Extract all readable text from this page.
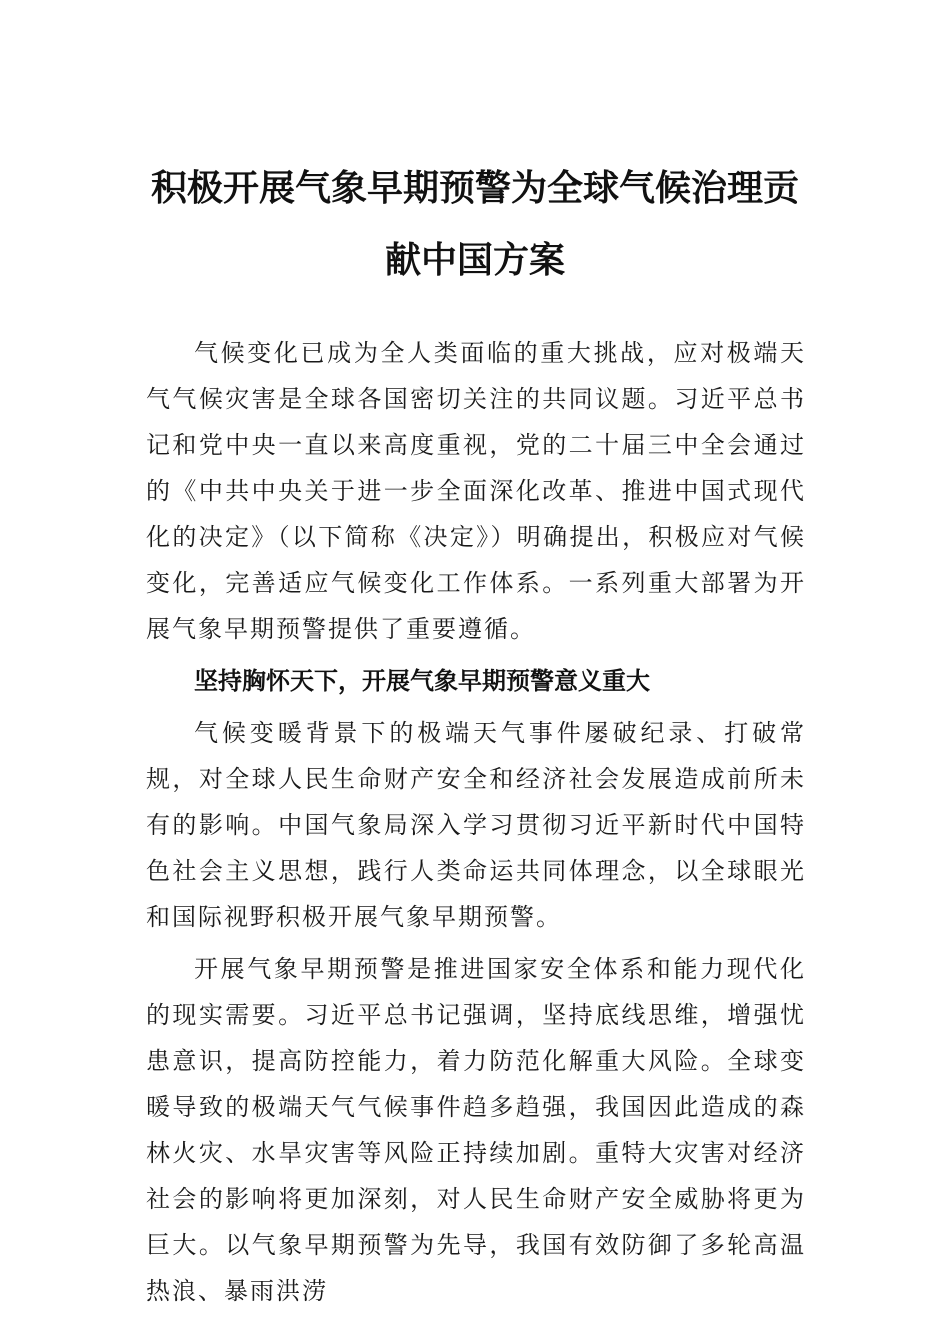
积极开展气象早期预警为全球气候治理贡
献中国方案

气候变化已成为全人类面临的重大挑战，应对极端天气气候灾害是全球各国密切关注的共同议题。习近平总书记和党中央一直以来高度重视，党的二十届三中全会通过的《中共中央关于进一步全面深化改革、推进中国式现代化的决定》（以下简称《决定》）明确提出，积极应对气候变化，完善适应气候变化工作体系。一系列重大部署为开展气象早期预警提供了重要遵循。

坚持胸怀天下，开展气象早期预警意义重大

气候变暖背景下的极端天气事件屡破纪录、打破常规，对全球人民生命财产安全和经济社会发展造成前所未有的影响。中国气象局深入学习贯彻习近平新时代中国特色社会主义思想，践行人类命运共同体理念，以全球眼光和国际视野积极开展气象早期预警。

开展气象早期预警是推进国家安全体系和能力现代化的现实需要。习近平总书记强调，坚持底线思维，增强忧患意识，提高防控能力，着力防范化解重大风险。全球变暖导致的极端天气气候事件趋多趋强，我国因此造成的森林火灾、水旱灾害等风险正持续加剧。重特大灾害对经济社会的影响将更加深刻，对人民生命财产安全威胁将更为巨大。以气象早期预警为先导，我国有效防御了多轮高温热浪、暴雨洪涝
